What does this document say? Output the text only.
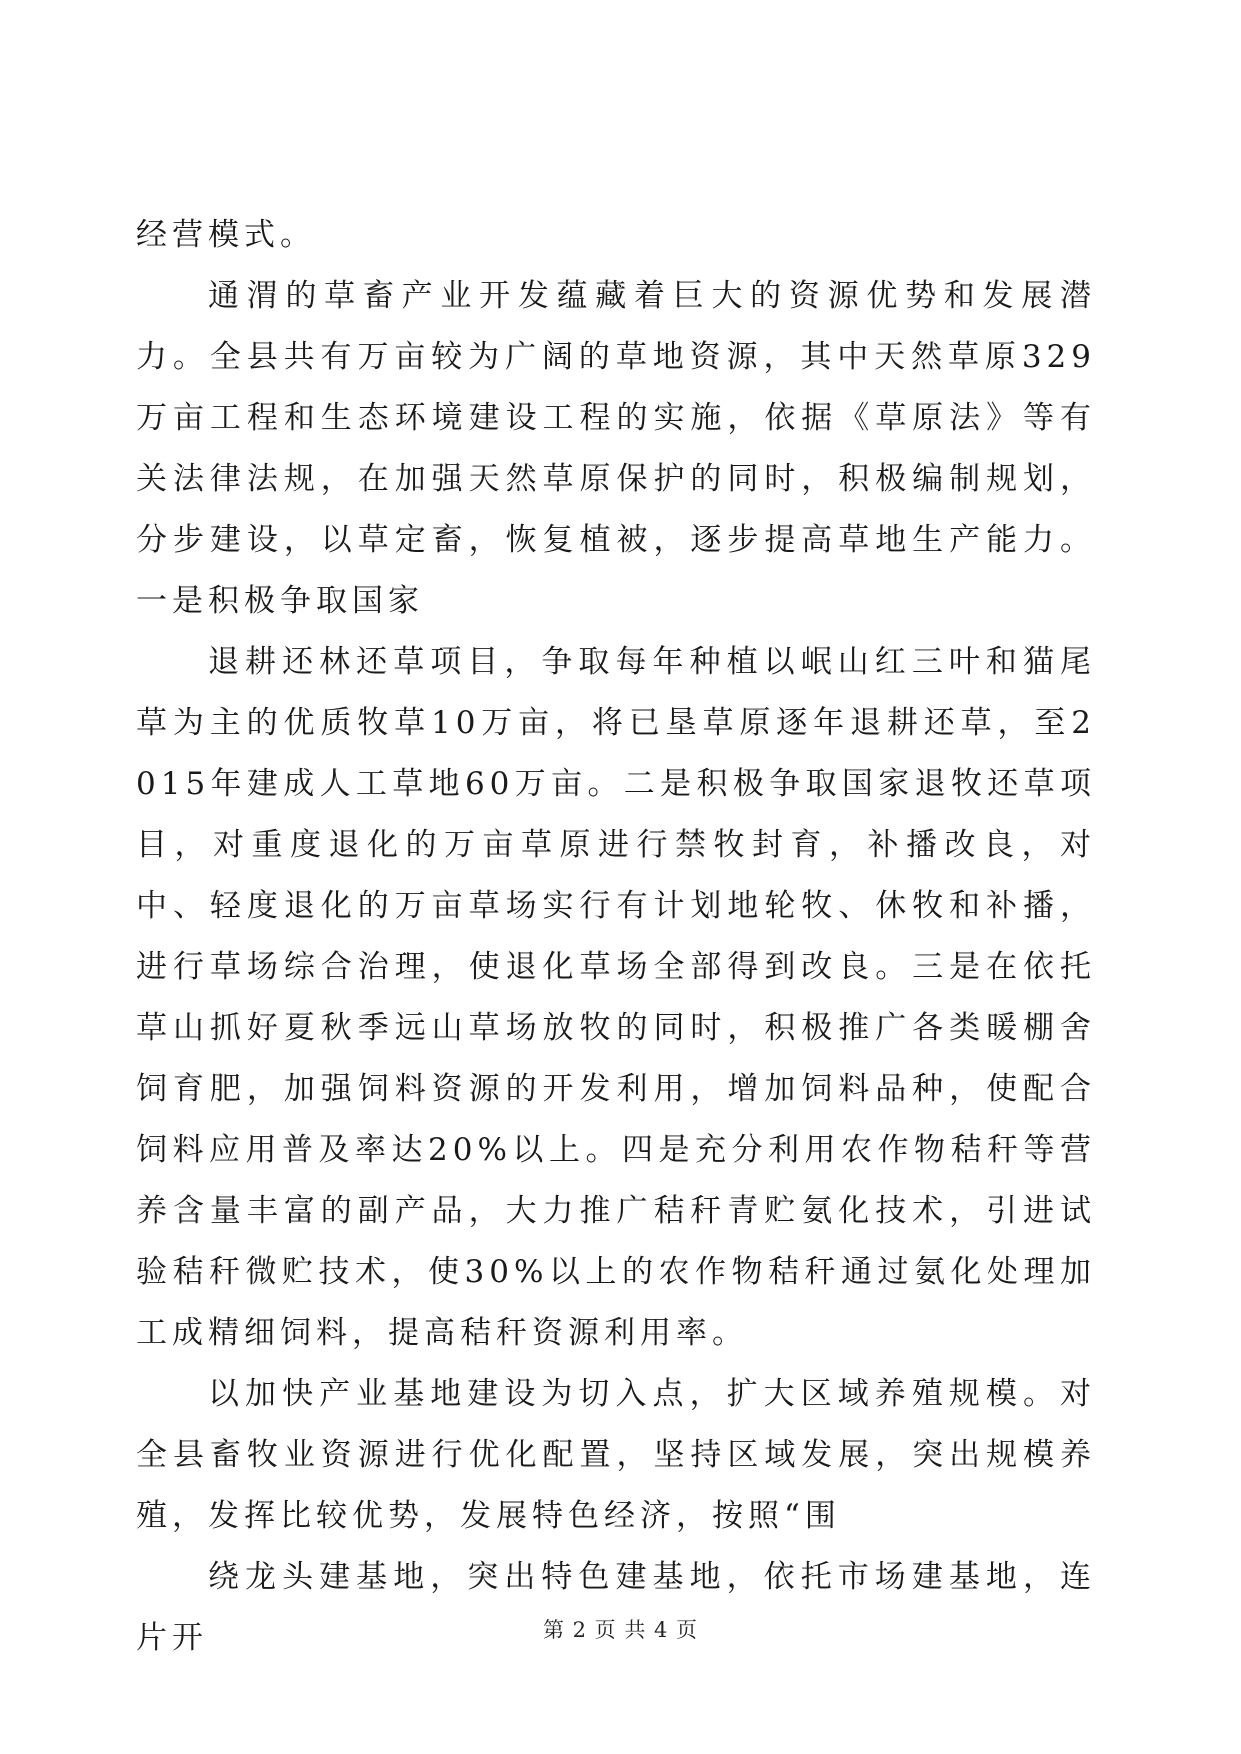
经营模式。

通渭的草畜产业开发蕴藏着巨大的资源优势和发展潜力。全县共有万亩较为广阔的草地资源，其中天然草原329万亩工程和生态环境建设工程的实施，依据《草原法》等有关法律法规，在加强天然草原保护的同时，积极编制规划，分步建设，以草定畜，恢复植被，逐步提高草地生产能力。一是积极争取国家

退耕还林还草项目，争取每年种植以岷山红三叶和猫尾草为主的优质牧草10万亩，将已垦草原逐年退耕还草，至2015年建成人工草地60万亩。二是积极争取国家退牧还草项目，对重度退化的万亩草原进行禁牧封育，补播改良，对中、轻度退化的万亩草场实行有计划地轮牧、休牧和补播，进行草场综合治理，使退化草场全部得到改良。三是在依托草山抓好夏秋季远山草场放牧的同时，积极推广各类暖棚舍饲育肥，加强饲料资源的开发利用，增加饲料品种，使配合饲料应用普及率达20%以上。四是充分利用农作物秸秆等营养含量丰富的副产品，大力推广秸秆青贮氨化技术，引进试验秸秆微贮技术，使30%以上的农作物秸秆通过氨化处理加工成精细饲料，提高秸秆资源利用率。

以加快产业基地建设为切入点，扩大区域养殖规模。对全县畜牧业资源进行优化配置，坚持区域发展，突出规模养殖，发挥比较优势，发展特色经济，按照“围

绕龙头建基地，突出特色建基地，依托市场建基地，连片开	第 2 页 共 4 页
